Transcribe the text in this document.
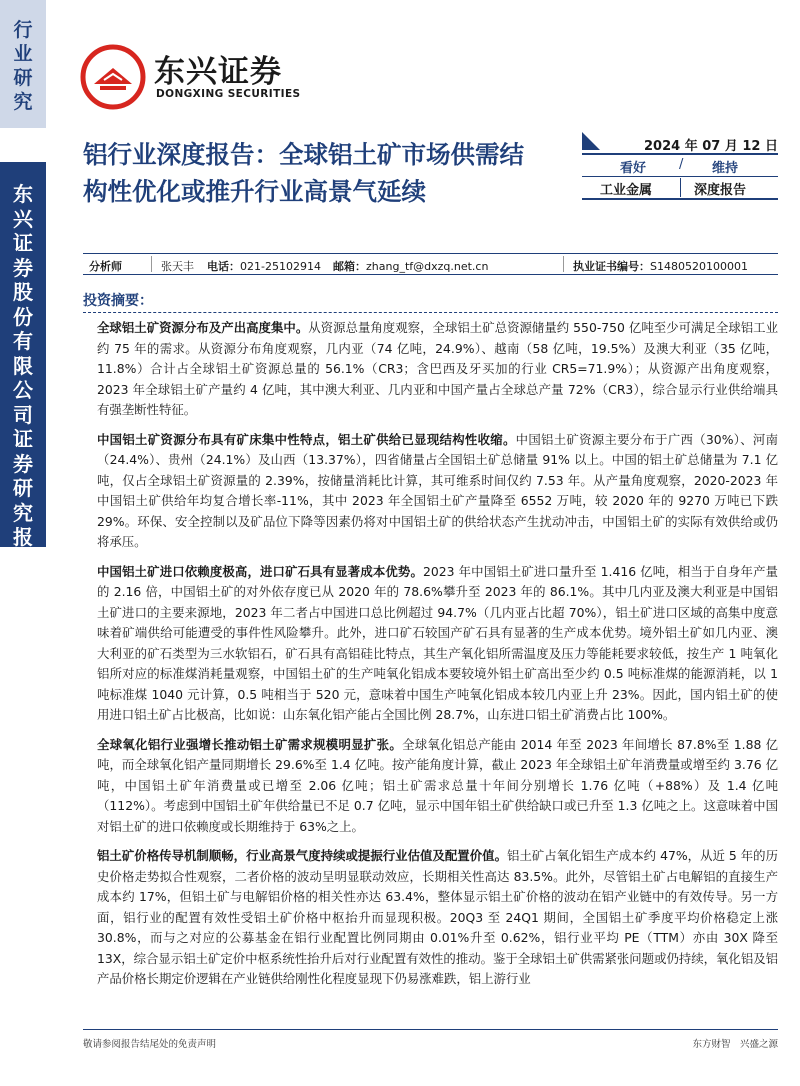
行业研究
东兴证券股份有限公司证券研究报告
东兴证券
DONGXING SECURITIES
铝行业深度报告：全球铝土矿市场供需结构性优化或推升行业高景气延续
2024 年 07 月 12 日
看好	/ 维持
工业金属	深度报告
分析师	张天丰 电话：021-25102914 邮箱：zhang_tf@dxzq.net.cn	执业证书编号：S1480520100001
投资摘要：

全球铝土矿资源分布及产出高度集中。从资源总量角度观察，全球铝土矿总资源储量约 550-750 亿吨至少可满足全球铝工业约 75 年的需求。从资源分布角度观察，几内亚（74 亿吨，24.9%）、越南（58 亿吨，19.5%）及澳大利亚（35 亿吨，11.8%）合计占全球铝土矿资源总量的 56.1%（CR3；含巴西及牙买加的行业 CR5=71.9%）；从资源产出角度观察，2023 年全球铝土矿产量约 4 亿吨，其中澳大利亚、几内亚和中国产量占全球总产量 72%（CR3），综合显示行业供给端具有强垄断性特征。

中国铝土矿资源分布具有矿床集中性特点，铝土矿供给已显现结构性收缩。中国铝土矿资源主要分布于广西（30%）、河南（24.4%）、贵州（24.1%）及山西（13.37%），四省储量占全国铝土矿总储量 91% 以上。中国的铝土矿总储量为 7.1 亿吨，仅占全球铝土矿资源量的 2.39%，按储量消耗比计算，其可维系时间仅约 7.53 年。从产量角度观察，2020-2023 年中国铝土矿供给年均复合增长率-11%，其中 2023 年全国铝土矿产量降至 6552 万吨，较 2020 年的 9270 万吨已下跌 29%。环保、安全控制以及矿品位下降等因素仍将对中国铝土矿的供给状态产生扰动冲击，中国铝土矿的实际有效供给或仍将承压。

中国铝土矿进口依赖度极高，进口矿石具有显著成本优势。2023 年中国铝土矿进口量升至 1.416 亿吨，相当于自身年产量的 2.16 倍，中国铝土矿的对外依存度已从 2020 年的 78.6%攀升至 2023 年的 86.1%。其中几内亚及澳大利亚是中国铝土矿进口的主要来源地，2023 年二者占中国进口总比例超过 94.7%（几内亚占比超 70%），铝土矿进口区域的高集中度意味着矿端供给可能遭受的事件性风险攀升。此外，进口矿石较国产矿石具有显著的生产成本优势。境外铝土矿如几内亚、澳大利亚的矿石类型为三水软铝石，矿石具有高铝硅比特点，其生产氧化铝所需温度及压力等能耗要求较低，按生产 1 吨氧化铝所对应的标准煤消耗量观察，中国铝土矿的生产吨氧化铝成本要较境外铝土矿高出至少约 0.5 吨标准煤的能源消耗，以 1 吨标准煤 1040 元计算，0.5 吨相当于 520 元，意味着中国生产吨氧化铝成本较几内亚上升 23%。因此，国内铝土矿的使用进口铝土矿占比极高，比如说：山东氧化铝产能占全国比例 28.7%，山东进口铝土矿消费占比 100%。

全球氧化铝行业强增长推动铝土矿需求规模明显扩张。全球氧化铝总产能由 2014 年至 2023 年间增长 87.8%至 1.88 亿吨，而全球氧化铝产量同期增长 29.6%至 1.4 亿吨。按产能角度计算，截止 2023 年全球铝土矿年消费量或增至约 3.76 亿吨，中国铝土矿年消费量或已增至 2.06 亿吨；铝土矿需求总量十年间分别增长 1.76 亿吨（+88%）及 1.4 亿吨（112%）。考虑到中国铝土矿年供给量已不足 0.7 亿吨，显示中国年铝土矿供给缺口或已升至 1.3 亿吨之上。这意味着中国对铝土矿的进口依赖度或长期维持于 63%之上。

铝土矿价格传导机制顺畅，行业高景气度持续或提振行业估值及配置价值。铝土矿占氧化铝生产成本约 47%，从近 5 年的历史价格走势拟合性观察，二者价格的波动呈明显联动效应，长期相关性高达 83.5%。此外，尽管铝土矿占电解铝的直接生产成本约 17%，但铝土矿与电解铝价格的相关性亦达 63.4%，整体显示铝土矿价格的波动在铝产业链中的有效传导。另一方面，铝行业的配置有效性受铝土矿价格中枢抬升而显现积极。20Q3 至 24Q1 期间，全国铝土矿季度平均价格稳定上涨 30.8%，而与之对应的公募基金在铝行业配置比例同期由 0.01%升至 0.62%，铝行业平均 PE（TTM）亦由 30X 降至 13X，综合显示铝土矿定价中枢系统性抬升后对行业配置有效性的推动。鉴于全球铝土矿供需紧张问题或仍持续，氧化铝及铝产品价格长期定价逻辑在产业链供给刚性化程度显现下仍易涨难跌，铝上游行业

敬请参阅报告结尾处的免责声明	东方财智　兴盛之源
